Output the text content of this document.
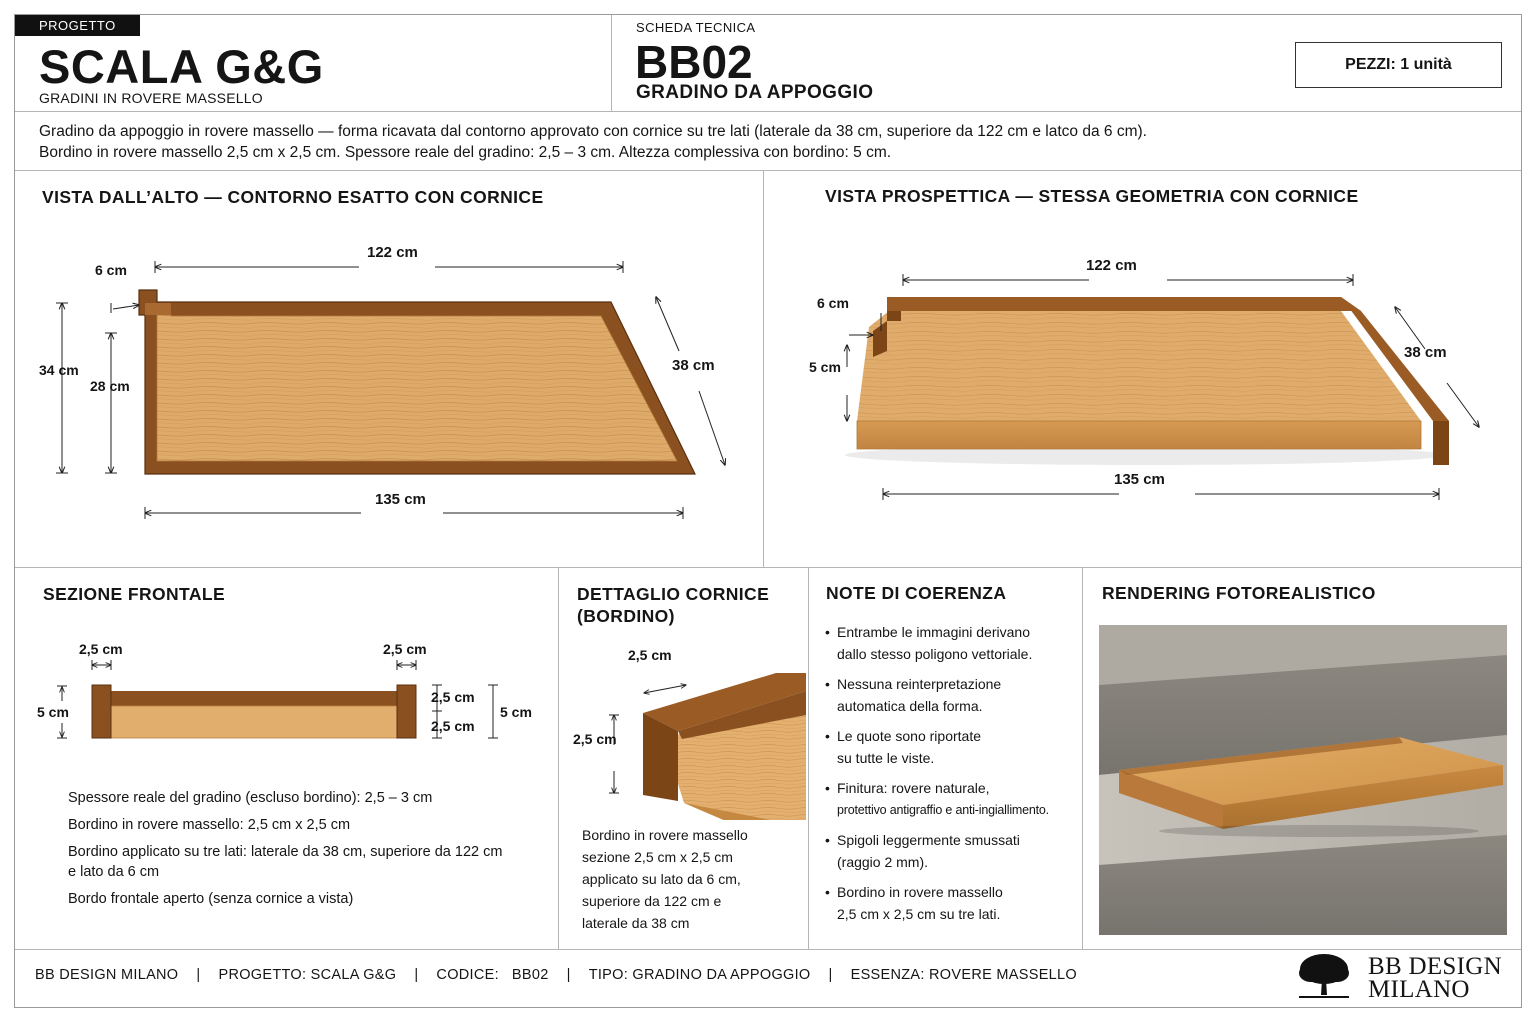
PROGETTO
SCALA G&G
GRADINI IN ROVERE MASSELLO
SCHEDA TECNICA
BB02
GRADINO DA APPOGGIO
PEZZI: 1 unità
Gradino da appoggio in rovere massello — forma ricavata dal contorno approvato con cornice su tre lati (laterale da 38 cm, superiore da 122 cm e latco da 6 cm).
Bordino in rovere massello 2,5 cm x 2,5 cm. Spessore reale del gradino: 2,5 – 3 cm. Altezza complessiva con bordino: 5 cm.
VISTA DALL’ALTO — CONTORNO ESATTO CON CORNICE
122 cm
6 cm
34 cm
28 cm
38 cm
135 cm
VISTA PROSPETTICA — STESSA GEOMETRIA CON CORNICE
122 cm
6 cm
5 cm
38 cm
135 cm
SEZIONE FRONTALE
2,5 cm	2,5 cm
5 cm
2,5 cm
2,5 cm
5 cm
Spessore reale del gradino (escluso bordino): 2,5 – 3 cm
Bordino in rovere massello: 2,5 cm x 2,5 cm
Bordino applicato su tre lati: laterale da 38 cm, superiore da 122 cm
e lato da 6 cm
Bordo frontale aperto (senza cornice a vista)
DETTAGLIO CORNICE
(BORDINO)
2,5 cm
2,5 cm
Bordino in rovere massello
sezione 2,5 cm x 2,5 cm
applicato su lato da 6 cm,
superiore da 122 cm e
laterale da 38 cm
NOTE DI COERENZA
• Entrambe le immagini derivano
dallo stesso poligono vettoriale.
• Nessuna reinterpretazione
automatica della forma.
• Le quote sono riportate
su tutte le viste.
• Finitura: rovere naturale,
protettivo antigraffio e anti-ingiallimento.
• Spigoli leggermente smussati
(raggio 2 mm).
• Bordino in rovere massello
2,5 cm x 2,5 cm su tre lati.
RENDERING FOTOREALISTICO
BB DESIGN MILANO	|	PROGETTO: SCALA G&G	|	CODICE:   BB02	|	TIPO: GRADINO DA APPOGGIO	|	ESSENZA: ROVERE MASSELLO	BB DESIGN
MILANO
